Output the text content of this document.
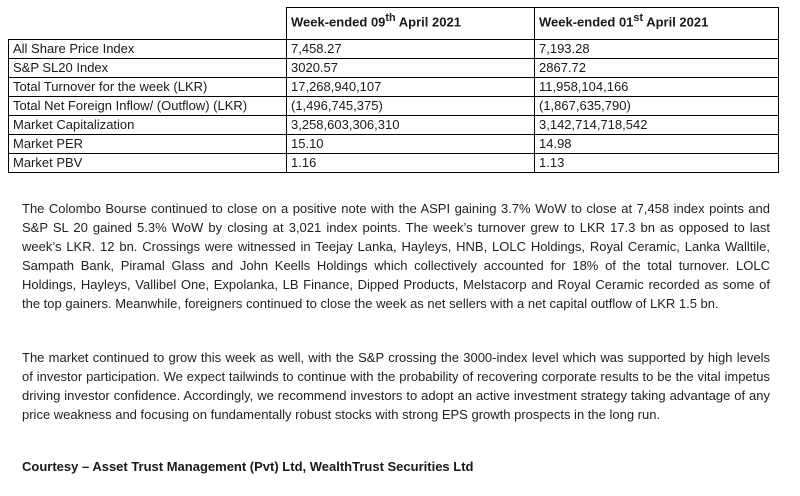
	Week-ended 09th April 2021	Week-ended 01st April 2021
All Share Price Index	7,458.27	7,193.28
S&P SL20 Index	3020.57	2867.72
Total Turnover for the week (LKR)	17,268,940,107	11,958,104,166
Total Net Foreign Inflow/ (Outflow) (LKR)	(1,496,745,375)	(1,867,635,790)
Market Capitalization	3,258,603,306,310	3,142,714,718,542
Market PER	15.10	14.98
Market PBV	1.16	1.13

The Colombo Bourse continued to close on a positive note with the ASPI gaining 3.7% WoW to close at 7,458 index points and S&P SL 20 gained 5.3% WoW by closing at 3,021 index points. The week’s turnover grew to LKR 17.3 bn as opposed to last week’s LKR. 12 bn. Crossings were witnessed in Teejay Lanka, Hayleys, HNB, LOLC Holdings, Royal Ceramic, Lanka Walltile, Sampath Bank, Piramal Glass and John Keells Holdings which collectively accounted for 18% of the total turnover. LOLC Holdings, Hayleys, Vallibel One, Expolanka, LB Finance, Dipped Products, Melstacorp and Royal Ceramic recorded as some of the top gainers. Meanwhile, foreigners continued to close the week as net sellers with a net capital outflow of LKR 1.5 bn.

The market continued to grow this week as well, with the S&P crossing the 3000-index level which was supported by high levels of investor participation. We expect tailwinds to continue with the probability of recovering corporate results to be the vital impetus driving investor confidence. Accordingly, we recommend investors to adopt an active investment strategy taking advantage of any price weakness and focusing on fundamentally robust stocks with strong EPS growth prospects in the long run.

Courtesy – Asset Trust Management (Pvt) Ltd, WealthTrust Securities Ltd
